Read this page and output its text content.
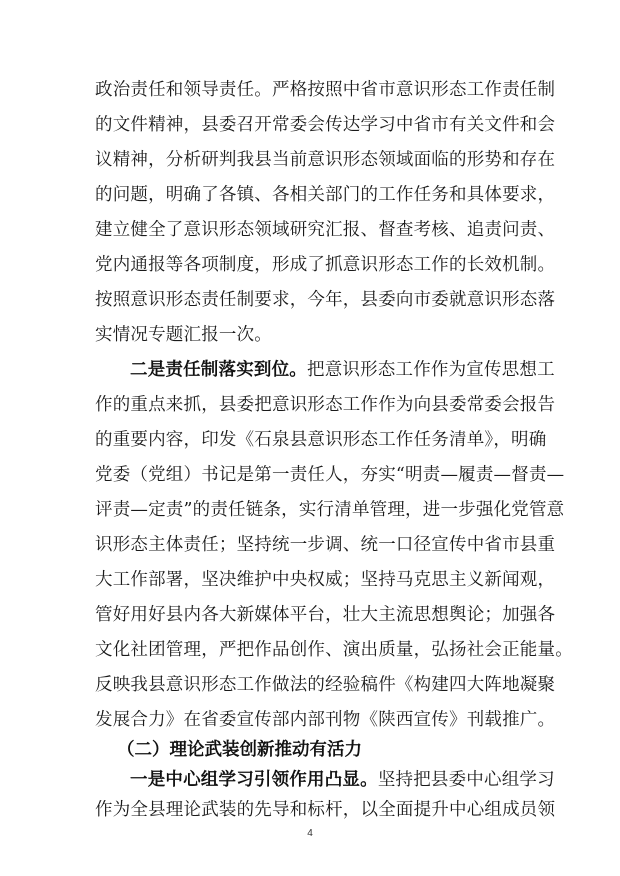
政治责任和领导责任。严格按照中省市意识形态工作责任制
的文件精神，县委召开常委会传达学习中省市有关文件和会
议精神，分析研判我县当前意识形态领域面临的形势和存在
的问题，明确了各镇、各相关部门的工作任务和具体要求，
建立健全了意识形态领域研究汇报、督查考核、追责问责、
党内通报等各项制度，形成了抓意识形态工作的长效机制。
按照意识形态责任制要求，今年，县委向市委就意识形态落
实情况专题汇报一次。
二是责任制落实到位。把意识形态工作作为宣传思想工
作的重点来抓，县委把意识形态工作作为向县委常委会报告
的重要内容，印发《石泉县意识形态工作任务清单》，明确
党委（党组）书记是第一责任人，夯实“明责—履责—督责—
评责—定责”的责任链条，实行清单管理，进一步强化党管意
识形态主体责任；坚持统一步调、统一口径宣传中省市县重
大工作部署，坚决维护中央权威；坚持马克思主义新闻观，
管好用好县内各大新媒体平台，壮大主流思想舆论；加强各
文化社团管理，严把作品创作、演出质量，弘扬社会正能量。
反映我县意识形态工作做法的经验稿件《构建四大阵地凝聚
发展合力》在省委宣传部内部刊物《陕西宣传》刊载推广。
（二）理论武装创新推动有活力
一是中心组学习引领作用凸显。坚持把县委中心组学习
作为全县理论武装的先导和标杆，以全面提升中心组成员领
4
